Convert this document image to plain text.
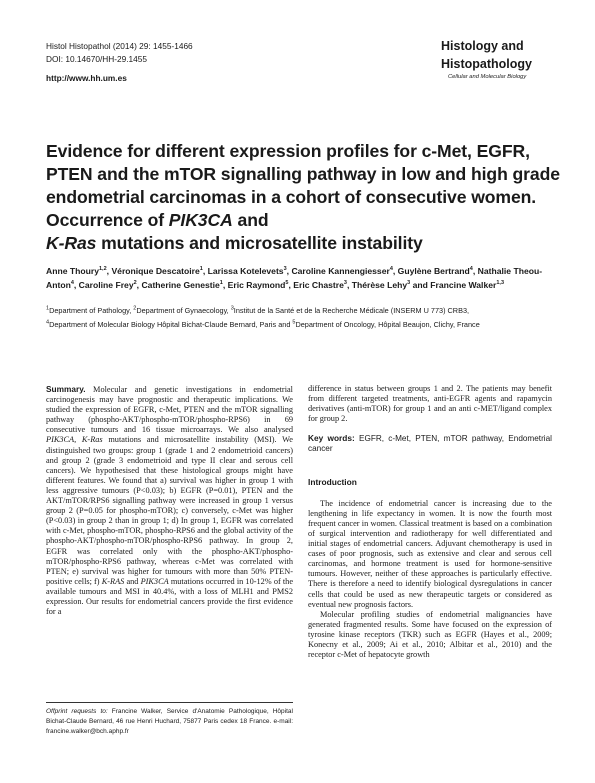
Histol Histopathol (2014) 29: 1455-1466
DOI: 10.14670/HH-29.1455
http://www.hh.um.es
Histology and
Histopathology
Cellular and Molecular Biology
Evidence for different expression profiles for c-Met, EGFR, PTEN and the mTOR signalling pathway in low and high grade endometrial carcinomas in a cohort of consecutive women. Occurrence of PIK3CA and
K-Ras mutations and microsatellite instability
Anne Thoury$^{1,2}$, Véronique Descatoire$^1$, Larissa Kotelevets$^3$, Caroline Kannengiesser$^4$, Guylène Bertrand$^4$, Nathalie Theou-Anton$^4$, Caroline Frey$^2$, Catherine Genestie$^1$, Eric Raymond$^5$, Eric Chastre$^3$, Thérèse Lehy$^3$ and Francine Walker$^{1,3}$
$^1$Department of Pathology, $^2$Department of Gynaecology, $^3$Institut de la Santé et de la Recherche Médicale (INSERM U 773) CRB3,
$^4$Department of Molecular Biology Hôpital Bichat-Claude Bernard, Paris and $^5$Department of Oncology, Hôpital Beaujon, Clichy, France

Summary. Molecular and genetic investigations in endometrial carcinogenesis may have prognostic and therapeutic implications. We studied the expression of EGFR, c-Met, PTEN and the mTOR signalling pathway (phospho-AKT/phospho-mTOR/phospho-RPS6) in 69 consecutive tumours and 16 tissue microarrays. We also analysed PIK3CA, K-Ras mutations and microsatellite instability (MSI). We distinguished two groups: group 1 (grade 1 and 2 endometrioid cancers) and group 2 (grade 3 endometrioid and type II clear and serous cell cancers). We hypothesised that these histological groups might have different features. We found that a) survival was higher in group 1 with less aggressive tumours (P<0.03); b) EGFR (P=0.01), PTEN and the AKT/mTOR/RPS6 signalling pathway were increased in group 1 versus group 2 (P=0.05 for phospho-mTOR); c) conversely, c-Met was higher (P<0.03) in group 2 than in group 1; d) In group 1, EGFR was correlated with c-Met, phospho-mTOR, phospho-RPS6 and the global activity of the phospho-AKT/phospho-mTOR/phospho-RPS6 pathway. In group 2, EGFR was correlated only with the phospho-AKT/phospho-mTOR/phospho-RPS6 pathway, whereas c-Met was correlated with PTEN; e) survival was higher for tumours with more than 50% PTEN-positive cells; f) K-RAS and PIK3CA mutations occurred in 10-12% of the available tumours and MSI in 40.4%, with a loss of MLH1 and PMS2 expression. Our results for endometrial cancers provide the first evidence for a

difference in status between groups 1 and 2. The patients may benefit from different targeted treatments, anti-EGFR agents and rapamycin derivatives (anti-mTOR) for group 1 and an anti c-MET/ligand complex for group 2.

Key words: EGFR, c-Met, PTEN, mTOR pathway, Endometrial cancer

Introduction

The incidence of endometrial cancer is increasing due to the lengthening in life expectancy in women. It is now the fourth most frequent cancer in women. Classical treatment is based on a combination of surgical intervention and radiotherapy for well differentiated and initial stages of endometrial cancers. Adjuvant chemotherapy is used in cases of poor prognosis, such as extensive and clear and serous cell carcinomas, and hormone treatment is used for hormone-sensitive tumours. However, neither of these approaches is particularly effective. There is therefore a need to identify biological dysregulations in cancer cells that could be used as new therapeutic targets or considered as eventual new prognosis factors.

Molecular profiling studies of endometrial malignancies have generated fragmented results. Some have focused on the expression of tyrosine kinase receptors (TKR) such as EGFR (Hayes et al., 2009; Konecny et al., 2009; Ai et al., 2010; Albitar et al., 2010) and the receptor c-Met of hepatocyte growth

Offprint requests to: Francine Walker, Service d'Anatomie Pathologique, Hôpital Bichat-Claude Bernard, 46 rue Henri Huchard, 75877 Paris cedex 18 France. e-mail: francine.walker@bch.aphp.fr
